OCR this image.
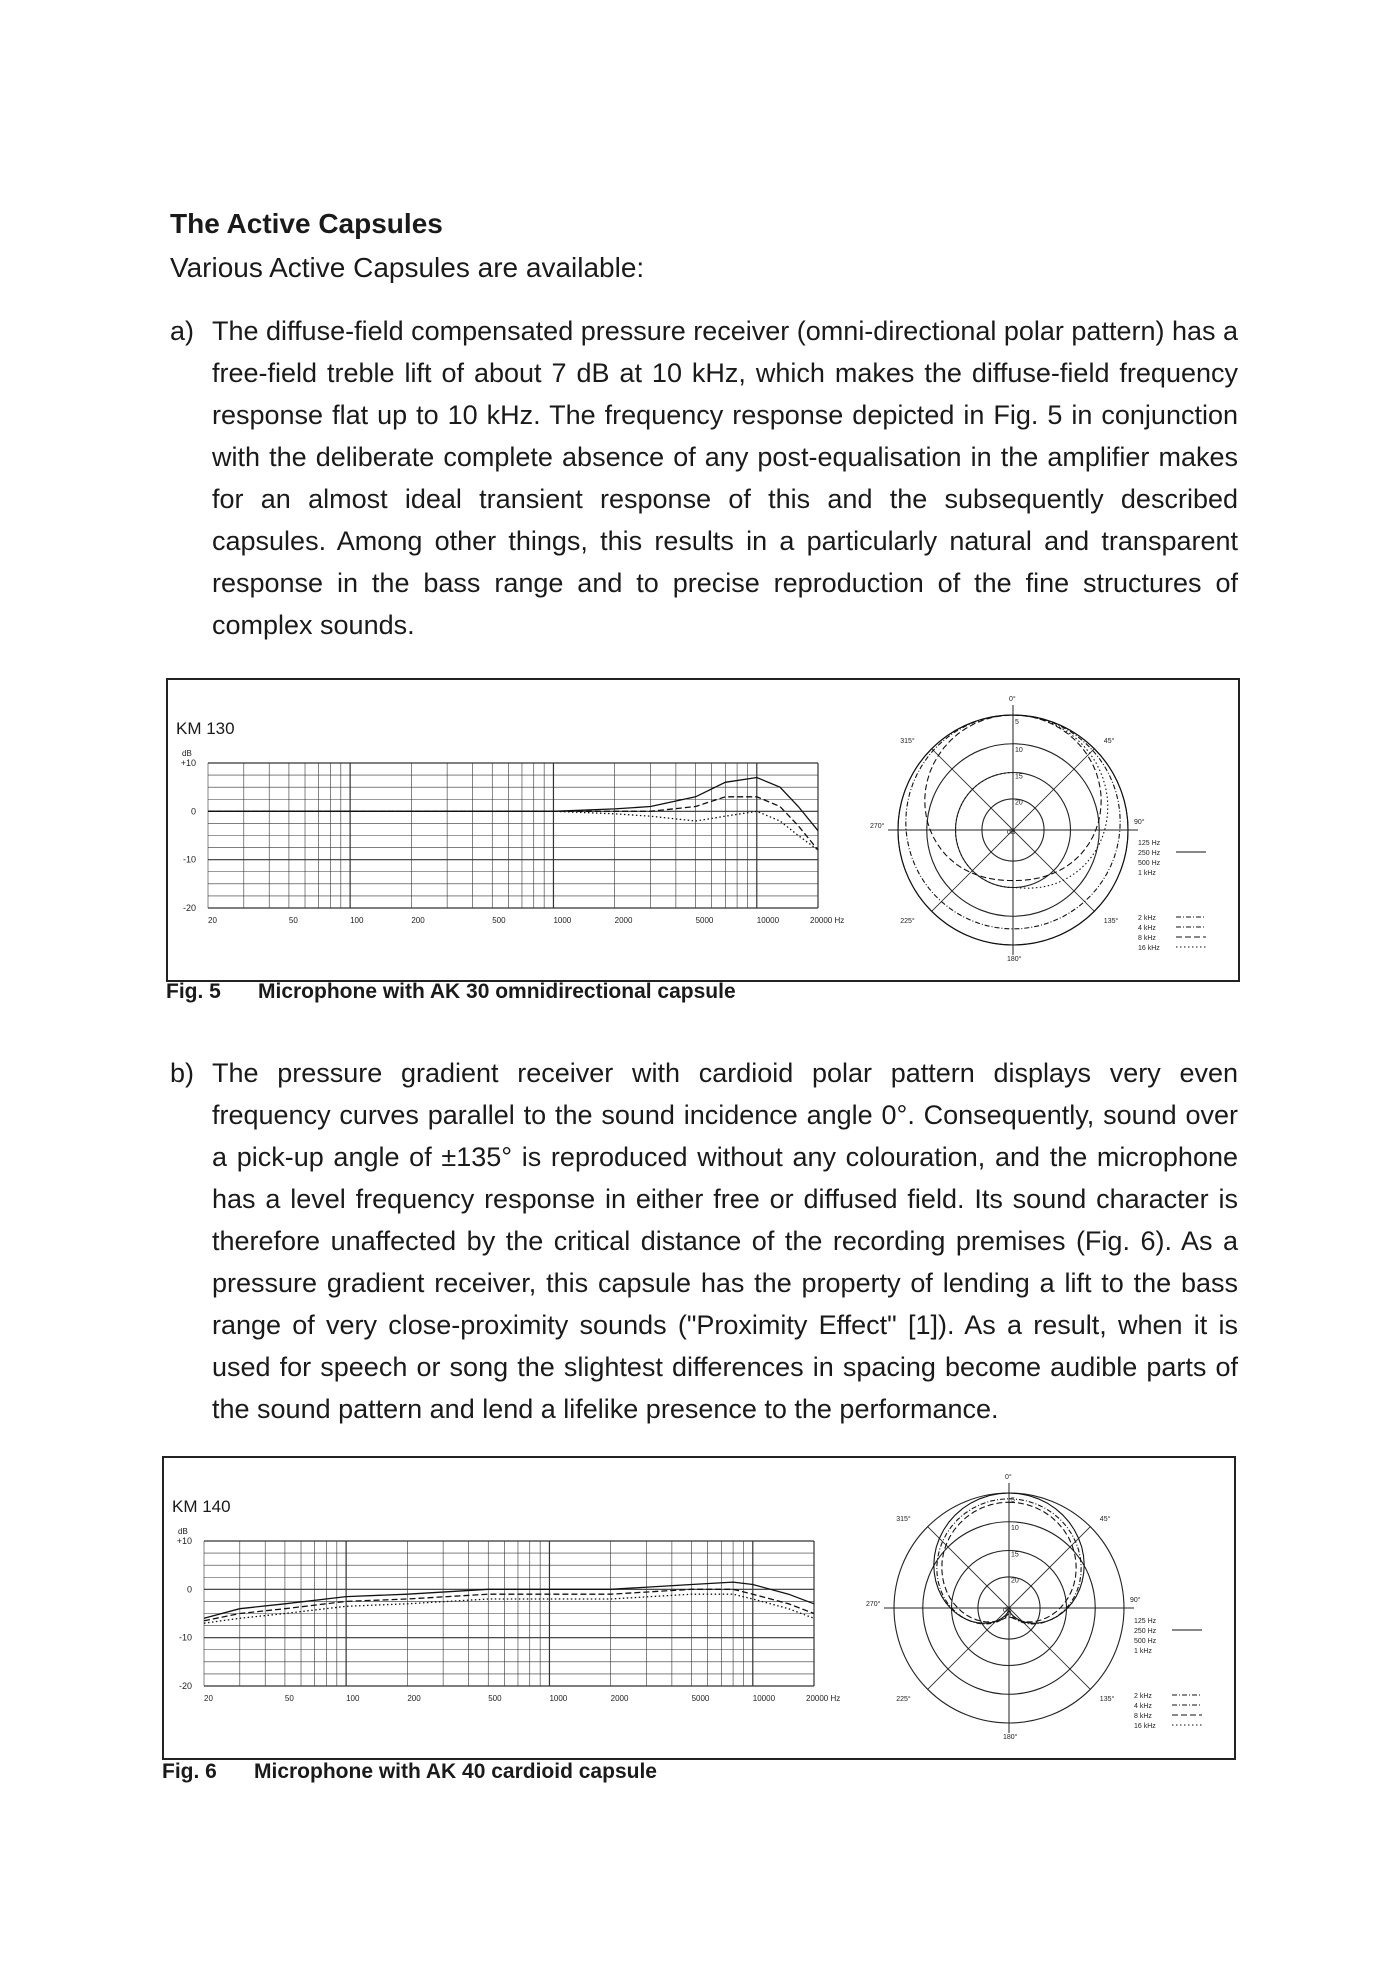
The Active Capsules
Various Active Capsules are available:
a) The diffuse-field compensated pressure receiver (omni-directional polar pattern) has a free-field treble lift of about 7 dB at 10 kHz, which makes the diffuse-field frequency response flat up to 10 kHz. The frequency response depicted in Fig. 5 in conjunction with the deliberate complete absence of any post-equalisation in the amplifier makes for an almost ideal transient response of this and the subsequently described capsules. Among other things, this results in a particularly natural and transparent response in the bass range and to precise reproduction of the fine structures of complex sounds.
KM 130
dB
+10
0
-10
-20
20	50	100	200	500	1000	2000	5000	10000	20000 Hz
5
10
15
20
dB
0°
45°
90°
135°
180°
225°
270°
315°
125 Hz
250 Hz
500 Hz
1 kHz
2 kHz
4 kHz
8 kHz
16 kHz
Fig. 5 Microphone with AK 30 omnidirectional capsule
b) The pressure gradient receiver with cardioid polar pattern displays very even frequency curves parallel to the sound incidence angle 0°. Consequently, sound over a pick-up angle of ±135° is reproduced without any colouration, and the microphone has a level frequency response in either free or diffused field. Its sound character is therefore unaffected by the critical distance of the recording premises (Fig. 6). As a pressure gradient receiver, this capsule has the property of lending a lift to the bass range of very close-proximity sounds ("Proximity Effect" [1]). As a result, when it is used for speech or song the slightest differences in spacing become audible parts of the sound pattern and lend a lifelike presence to the performance.
KM 140
dB
+10
0
-10
-20
20	50	100	200	500	1000	2000	5000	10000	20000 Hz
5
10
15
20
dB
0°
45°
90°
135°
180°
225°
270°
315°
125 Hz
250 Hz
500 Hz
1 kHz
2 kHz
4 kHz
8 kHz
16 kHz
Fig. 6 Microphone with AK 40 cardioid capsule
